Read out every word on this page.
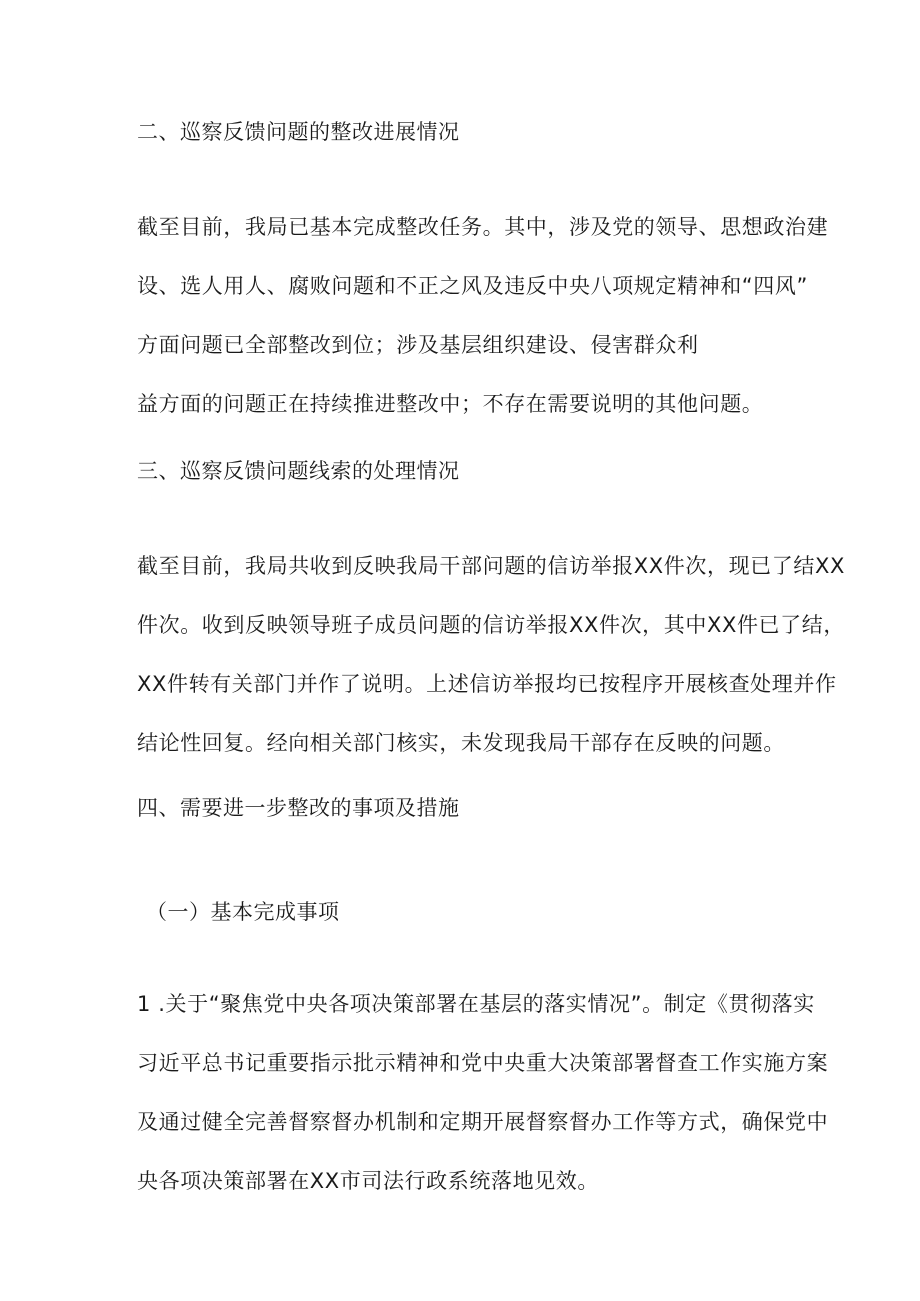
二、巡察反馈问题的整改进展情况
截至目前，我局已基本完成整改任务。其中，涉及党的领导、思想政治建
设、选人用人、腐败问题和不正之风及违反中央八项规定精神和“四风”
方面问题已全部整改到位；涉及基层组织建设、侵害群众利
益方面的问题正在持续推进整改中；不存在需要说明的其他问题。
三、巡察反馈问题线索的处理情况
截至目前，我局共收到反映我局干部问题的信访举报XX件次，现已了结XX
件次。收到反映领导班子成员问题的信访举报XX件次，其中XX件已了结，
XX件转有关部门并作了说明。上述信访举报均已按程序开展核查处理并作
结论性回复。经向相关部门核实，未发现我局干部存在反映的问题。
四、需要进一步整改的事项及措施
（一）基本完成事项
1 .关于“聚焦党中央各项决策部署在基层的落实情况”。制定《贯彻落实
习近平总书记重要指示批示精神和党中央重大决策部署督查工作实施方案
及通过健全完善督察督办机制和定期开展督察督办工作等方式，确保党中
央各项决策部署在XX市司法行政系统落地见效。
